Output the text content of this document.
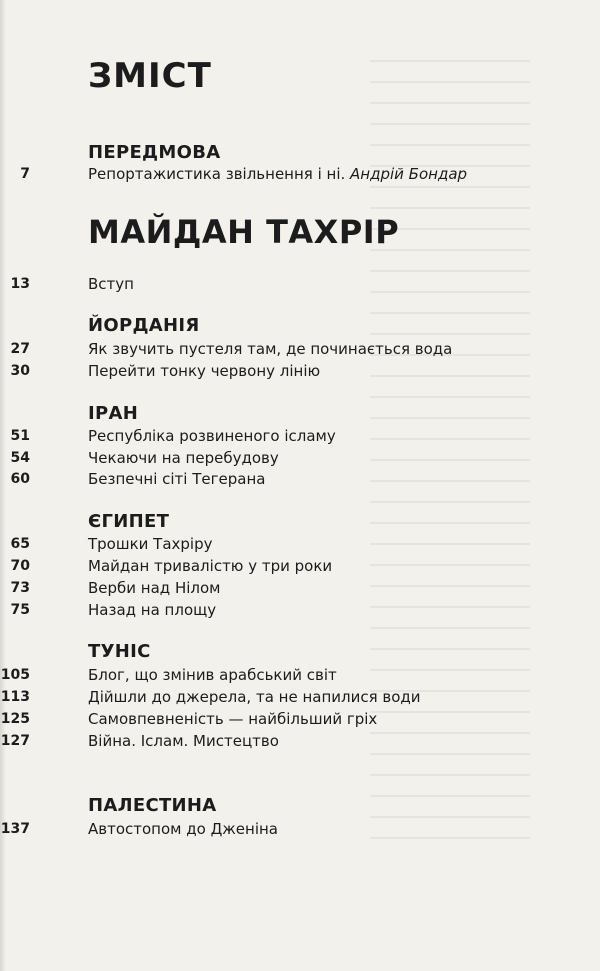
ЗМІСТ
ПЕРЕДМОВА
7	Репортажистика звільнення і ні. Андрій Бондар
МАЙДАН ТАХРІР
13	Вступ
ЙОРДАНІЯ
27	Як звучить пустеля там, де починається вода
30	Перейти тонку червону лінію
ІРАН
51	Республіка розвиненого ісламу
54	Чекаючи на перебудову
60	Безпечні сіті Тегерана
ЄГИПЕТ
65	Трошки Тахріру
70	Майдан тривалістю у три роки
73	Верби над Нілом
75	Назад на площу
ТУНІС
105	Блог, що змінив арабський світ
113	Дійшли до джерела, та не напилися води
125	Самовпевненість — найбільший гріх
127	Війна. Іслам. Мистецтво
ПАЛЕСТИНА
137	Автостопом до Дженіна
